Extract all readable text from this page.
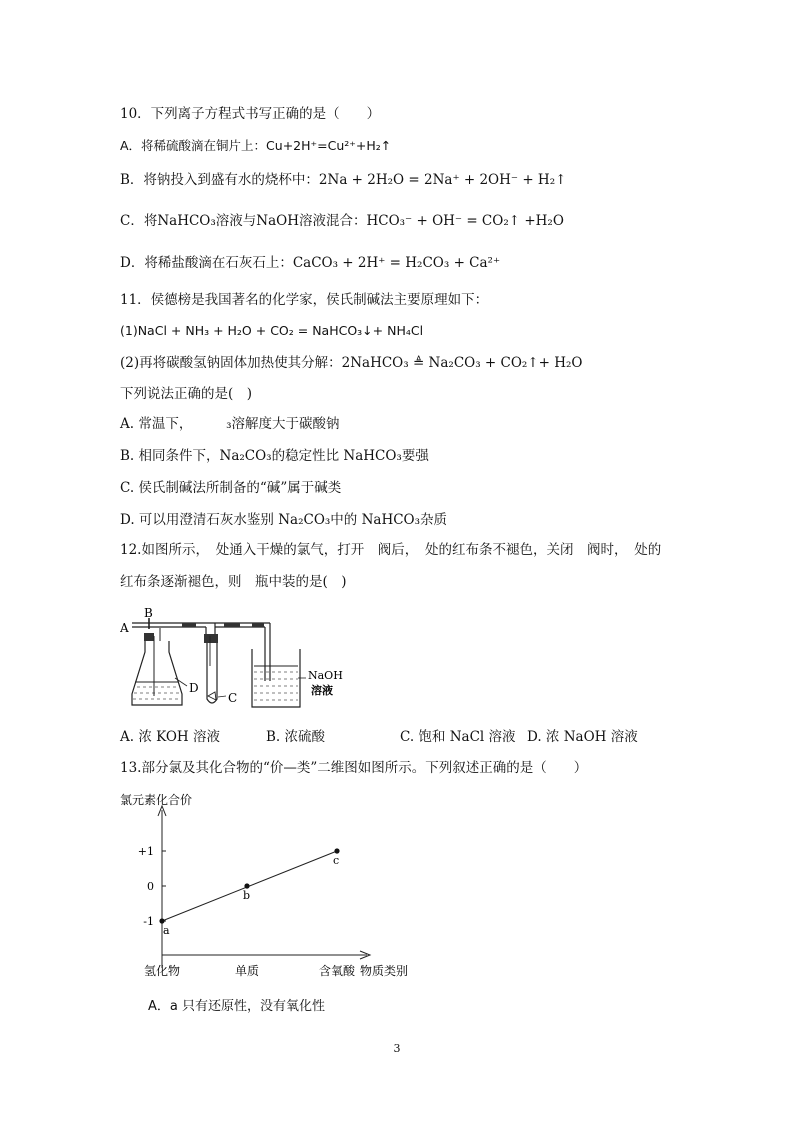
10．下列离子方程式书写正确的是（　　）
A．将稀硫酸滴在铜片上：Cu+2H⁺=Cu²⁺+H₂↑
B．将钠投入到盛有水的烧杯中：2Na + 2H₂O = 2Na⁺ + 2OH⁻ + H₂↑
C．将NaHCO₃溶液与NaOH溶液混合：HCO₃⁻ + OH⁻ = CO₂↑ +H₂O
D．将稀盐酸滴在石灰石上：CaCO₃ + 2H⁺ = H₂CO₃ + Ca²⁺
11．侯德榜是我国著名的化学家，侯氏制碱法主要原理如下：
(1)NaCl + NH₃ + H₂O + CO₂ = NaHCO₃↓+ NH₄Cl
(2)再将碳酸氢钠固体加热使其分解：2NaHCO₃ ≜ Na₂CO₃ + CO₂↑+ H₂O
下列说法正确的是(　)
A. 常温下，　　　₃溶解度大于碳酸钠
B. 相同条件下，Na₂CO₃的稳定性比 NaHCO₃要强
C. 侯氏制碱法所制备的“碱”属于碱类
D. 可以用澄清石灰水鉴别 Na₂CO₃中的 NaHCO₃杂质
12.如图所示，　处通入干燥的氯气，打开　阀后，　处的红布条不褪色，关闭　阀时，　处的
红布条逐渐褪色，则　瓶中装的是(　)
A
B
D
C
NaOH
溶液
A. 浓 KOH 溶液	B. 浓硫酸	C. 饱和 NaCl 溶液 D. 浓 NaOH 溶液
13.部分氯及其化合物的“价—类”二维图如图所示。下列叙述正确的是（　　）
氯元素化合价
物质类别
+1
0
-1
氢化物	单质	含氧酸
a
b
c
A．a 只有还原性，没有氧化性
3
